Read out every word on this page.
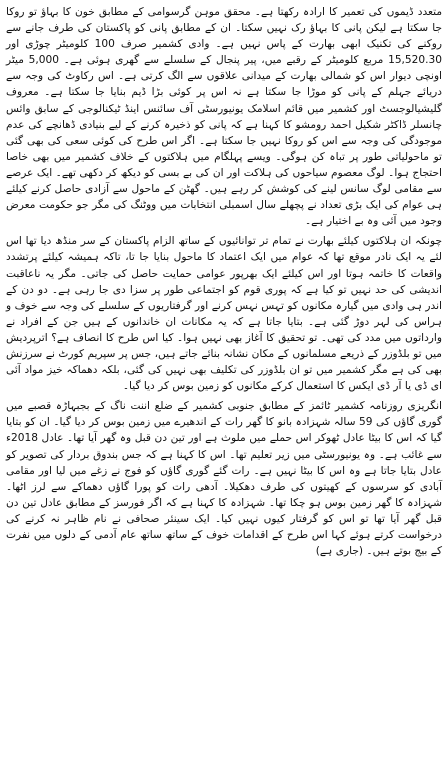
متعدد ڈیموں کی تعمیر کا ارادہ رکھتا ہے۔ محقق موہن گرسوامی کے مطابق خون کا بہاؤ تو روکا جا سکتا ہے لیکن پانی کا بہاؤ رک نہیں سکتا۔ ان کے مطابق پانی کو پاکستان کی طرف جانے سے روکنے کی تکنیک ابھی بھارت کے پاس نہیں ہے۔ وادی کشمیر صرف 100 کلومیٹر چوڑی اور 15,520.30 مربع کلومیٹر کے رقبے میں، پیر پنجال کے سلسلے سے گھری ہوئی ہے۔ 5,000 میٹر اونچی دیوار اس کو شمالی بھارت کے میدانی علاقوں سے الگ کرتی ہے۔ اس رکاوٹ کی وجہ سے دریائے جہلم کے پانی کو موڑا جا سکتا ہے نہ اس پر کوئی بڑا ڈیم بنایا جا سکتا ہے۔ معروف گلیشیالوجسٹ اور کشمیر میں قائم اسلامک یونیورسٹی آف سائنس اینڈ ٹیکنالوجی کے سابق وائس چانسلر ڈاکٹر شکیل احمد رومشو کا کہنا ہے کہ پانی کو ذخیرہ کرنے کے لیے بنیادی ڈھانچے کی عدم موجودگی کی وجہ سے اس کو روکا نہیں جا سکتا ہے۔ اگر اس طرح کی کوئی سعی کی بھی گئی تو ماحولیاتی طور پر تباہ کن ہوگی۔ ویسے پہلگام میں ہلاکتوں کے خلاف کشمیر میں بھی خاصا احتجاج ہوا۔ لوگ معصوم سیاحوں کی ہلاکت اور ان کی بے بسی کو دیکھ کر دکھی تھے۔ ایک عرصے سے مقامی لوگ سانس لینے کی کوشش کر رہے ہیں۔ گھٹن کے ماحول سے آزادی حاصل کرنے کیلئے ہی عوام کی ایک بڑی تعداد نے پچھلے سال اسمبلی انتخابات میں ووٹنگ کی مگر جو حکومت معرض وجود میں آئی وہ بے اختیار ہے۔

چونکہ ان ہلاکتوں کیلئے بھارت نے تمام تر توانائیوں کے ساتھ الزام پاکستان کے سر منڈھ دیا تھا اس لئے یہ ایک نادر موقع تھا کہ عوام میں ایک اعتماد کا ماحول بنایا جا تا، تاکہ ہمیشہ کیلئے پرتشدد واقعات کا خاتمہ ہوتا اور اس کیلئے ایک بھرپور عوامی حمایت حاصل کی جاتی۔ مگر یہ ناعاقبت اندیشی کی حد نہیں تو کیا ہے کہ پوری قوم کو اجتماعی طور پر سزا دی جا رہی ہے۔ دو دن کے اندر ہی وادی میں گیارہ مکانوں کو تہس نہس کرنے اور گرفتاریوں کے سلسلے کی وجہ سے خوف و ہراس کی لہر دوڑ گئی ہے۔ بتایا جاتا ہے کہ یہ مکانات ان خاندانوں کے ہیں جن کے افراد نے وارداتوں میں مدد کی تھی۔ تو تحقیق کا آغاز بھی نہیں ہوا۔ کیا اس طرح کا انصاف ہے؟ اترپردیش میں تو بلڈوزر کے ذریعے مسلمانوں کے مکان نشانہ بنائے جاتے ہیں، جس پر سپریم کورٹ نے سرزنش بھی کی ہے مگر کشمیر میں تو ان بلڈوزر کی تکلیف بھی نہیں کی گئی، بلکہ دھماکہ خیز مواد آئی ای ڈی یا آر ڈی ایکس کا استعمال کرکے مکانوں کو زمین بوس کر دیا گیا۔

انگریزی روزنامہ کشمیر ٹائمز کے مطابق جنوبی کشمیر کے ضلع اننت ناگ کے بجبہاڑہ قصبے میں گوری گاؤں کی 59 سالہ شہزادہ بانو کا گھر رات کے اندھیرے میں زمین بوس کر دیا گیا۔ ان کو بتایا گیا کہ اس کا بیٹا عادل ٹھوکر اس حملے میں ملوث ہے اور تین دن قبل وہ گھر آیا تھا۔ عادل 2018ء سے غائب ہے۔ وہ یونیورسٹی میں زیر تعلیم تھا۔ اس کا کہنا ہے کہ جس بندوق بردار کی تصویر کو عادل بتایا جاتا ہے وہ اس کا بیٹا نہیں ہے۔ رات گئے گوری گاؤں کو فوج نے زغے میں لیا اور مقامی آبادی کو سرسوں کے کھیتوں کی طرف دھکیلا۔ آدھی رات کو پورا گاؤں دھماکے سے لرز اٹھا۔ شہزادہ کا گھر زمین بوس ہو چکا تھا۔ شہزادہ کا کہنا ہے کہ اگر فورسز کے مطابق عادل تین دن قبل گھر آیا تھا تو اس کو گرفتار کیوں نہیں کیا۔ ایک سینئر صحافی نے نام ظاہر نہ کرنے کی درخواست کرتے ہوئے کہا اس طرح کے اقدامات خوف کے ساتھ ساتھ عام آدمی کے دلوں میں نفرت کے بیج بوتے ہیں۔ (جاری ہے)
